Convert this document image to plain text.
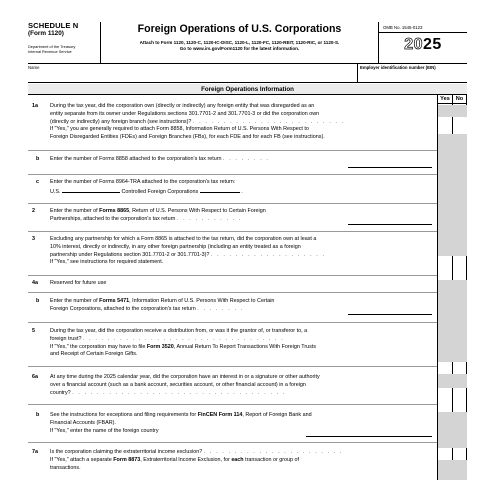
SCHEDULE N
(Form 1120)
Department of the Treasury
Internal Revenue Service
Foreign Operations of U.S. Corporations
Attach to Form 1120, 1120-C, 1120-IC-DISC, 1120-L, 1120-FC, 1120-REIT, 1120-RIC, or 1120-S.
Go to www.irs.gov/Form1120 for the latest information.
OMB No. 1545-0123
2025
Name	Employer identification number (EIN)
Foreign Operations Information
Yes	No
1a During the tax year, did the corporation own (directly or indirectly) any foreign entity that was disregarded as an
entity separate from its owner under Regulations sections 301.7701-2 and 301.7701-3 or did the corporation own
(directly or indirectly) any foreign branch (see instructions)? . . . . . . . . . . . . . . . . . . . . . . . . .
If "Yes," you are generally required to attach Form 8858, Information Return of U.S. Persons With Respect to
Foreign Disregarded Entities (FDEs) and Foreign Branches (FBs), for each FDE and for each FB (see instructions).
b Enter the number of Forms 8858 attached to the corporation's tax return . . . . . . . .
c Enter the number of Forms 8964-TRA attached to the corporation's tax return:
U.S.	Controlled Foreign Corporations	.
2	Enter the number of Forms 8865, Return of U.S. Persons With Respect to Certain Foreign
Partnerships, attached to the corporation's tax return . . . . . . . . . . .
3	Excluding any partnership for which a Form 8865 is attached to the tax return, did the corporation own at least a
10% interest, directly or indirectly, in any other foreign partnership (including an entity treated as a foreign
partnership under Regulations section 301.7701-2 or 301.7701-3)? . . . . . . . . . . . . . . . . . . .
If "Yes," see instructions for required statement.
4a Reserved for future use
b Enter the number of Forms 5471, Information Return of U.S. Persons With Respect to Certain
Foreign Corporations, attached to the corporation's tax return . . . . . . . .
5	During the tax year, did the corporation receive a distribution from, or was it the grantor of, or transferor to, a
foreign trust? . . . . . . . . . . . . . . . . . . . . . . . . . . . . . . . . .
If "Yes," the corporation may have to file Form 3520, Annual Return To Report Transactions With Foreign Trusts
and Receipt of Certain Foreign Gifts.
6a At any time during the 2025 calendar year, did the corporation have an interest in or a signature or other authority
over a financial account (such as a bank account, securities account, or other financial account) in a foreign
country? . . . . . . . . . . . . . . . . . . . . . . . . . . . . . . . . . . .
b See the instructions for exceptions and filing requirements for FinCEN Form 114, Report of Foreign Bank and
Financial Accounts (FBAR).
If "Yes," enter the name of the foreign country
7a Is the corporation claiming the extraterritorial income exclusion? . . . . . . . . . . . . . . . . . . . . . . .
If "Yes," attach a separate Form 8873, Extraterritorial Income Exclusion, for each transaction or group of
transactions.
